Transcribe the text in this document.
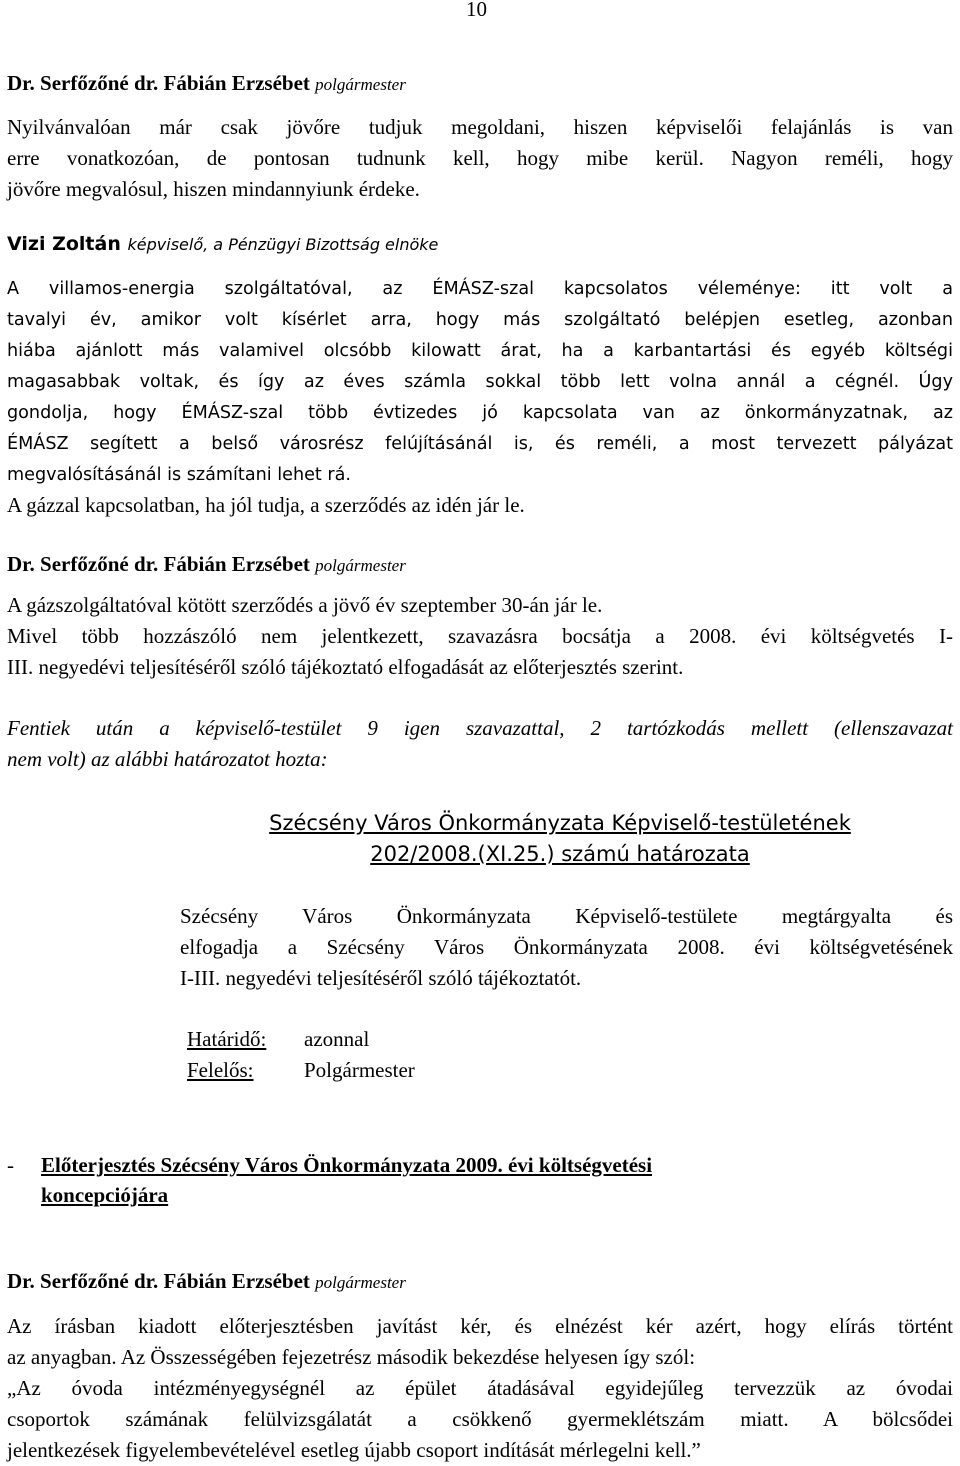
10
Dr. Serfőzőné dr. Fábián Erzsébet polgármester
Nyilvánvalóan már csak jövőre tudjuk megoldani, hiszen képviselői felajánlás is van
erre vonatkozóan, de pontosan tudnunk kell, hogy mibe kerül. Nagyon reméli, hogy
jövőre megvalósul, hiszen mindannyiunk érdeke.
Vizi Zoltán képviselő, a Pénzügyi Bizottság elnöke
A villamos-energia szolgáltatóval, az ÉMÁSZ-szal kapcsolatos véleménye: itt volt a
tavalyi év, amikor volt kísérlet arra, hogy más szolgáltató belépjen esetleg, azonban
hiába ajánlott más valamivel olcsóbb kilowatt árat, ha a karbantartási és egyéb költségi
magasabbak voltak, és így az éves számla sokkal több lett volna annál a cégnél. Úgy
gondolja, hogy ÉMÁSZ-szal több évtizedes jó kapcsolata van az önkormányzatnak, az
ÉMÁSZ segített a belső városrész felújításánál is, és reméli, a most tervezett pályázat
megvalósításánál is számítani lehet rá.
A gázzal kapcsolatban, ha jól tudja, a szerződés az idén jár le.
Dr. Serfőzőné dr. Fábián Erzsébet polgármester
A gázszolgáltatóval kötött szerződés a jövő év szeptember 30-án jár le.
Mivel több hozzászóló nem jelentkezett, szavazásra bocsátja a 2008. évi költségvetés I-
III. negyedévi teljesítéséről szóló tájékoztató elfogadását az előterjesztés szerint.
Fentiek után a képviselő-testület 9 igen szavazattal, 2 tartózkodás mellett (ellenszavazat
nem volt) az alábbi határozatot hozta:
Szécsény Város Önkormányzata Képviselő-testületének
202/2008.(XI.25.) számú határozata
Szécsény Város Önkormányzata Képviselő-testülete megtárgyalta és
elfogadja a Szécsény Város Önkormányzata 2008. évi költségvetésének
I-III. negyedévi teljesítéséről szóló tájékoztatót.
Határidő: azonnal
Felelős: Polgármester
- Előterjesztés Szécsény Város Önkormányzata 2009. évi költségvetési
koncepciójára
Dr. Serfőzőné dr. Fábián Erzsébet polgármester
Az írásban kiadott előterjesztésben javítást kér, és elnézést kér azért, hogy elírás történt
az anyagban. Az Összességében fejezetrész második bekezdése helyesen így szól:
„Az óvoda intézményegységnél az épület átadásával egyidejűleg tervezzük az óvodai
csoportok számának felülvizsgálatát a csökkenő gyermeklétszám miatt. A bölcsődei
jelentkezések figyelembevételével esetleg újabb csoport indítását mérlegelni kell.”
